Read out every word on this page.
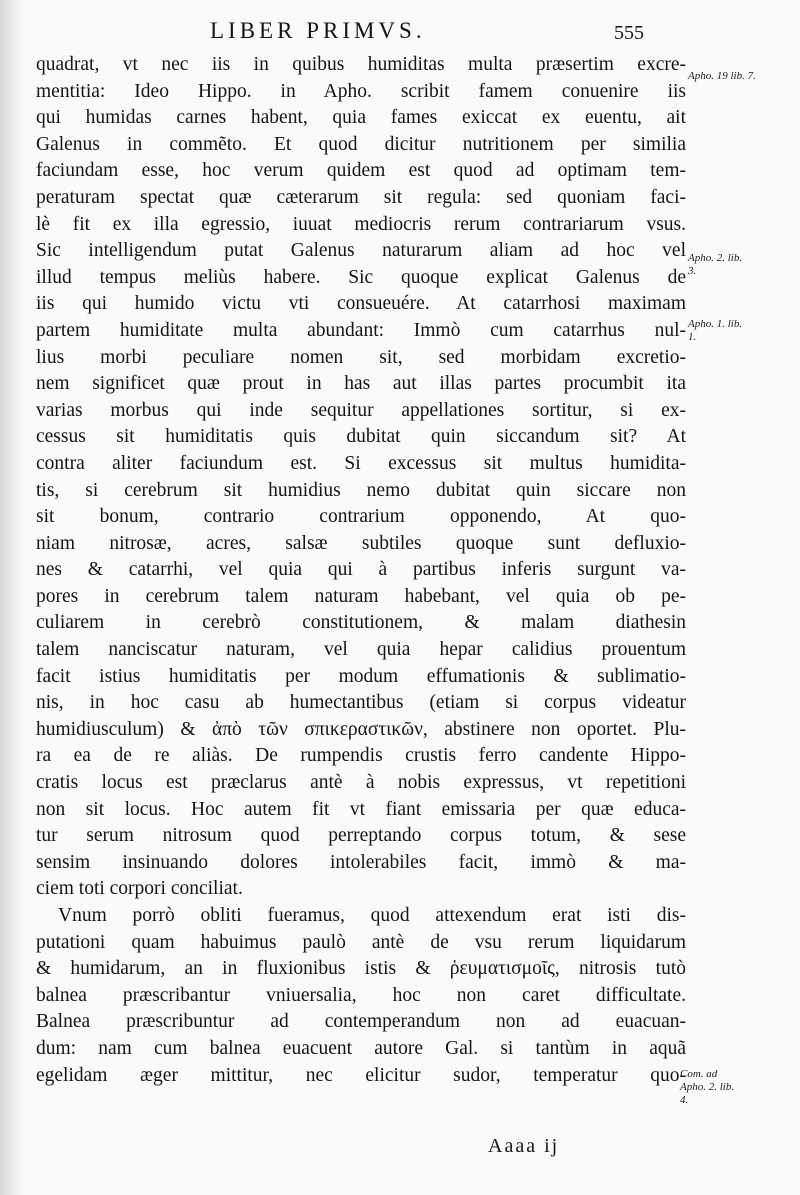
LIBER PRIMVS.	555
quadrat, vt nec iis in quibus humiditas multa præsertim excre-
mentitia: Ideo Hippo. in Apho. scribit famem conuenire iis
qui humidas carnes habent, quia fames exiccat ex euentu, ait
Galenus in commẽto. Et quod dicitur nutritionem per similia
faciundam esse, hoc verum quidem est quod ad optimam tem-
peraturam spectat quæ cæterarum sit regula: sed quoniam faci-
lè fit ex illa egressio, iuuat mediocris rerum contrariarum vsus.
Sic intelligendum putat Galenus naturarum aliam ad hoc vel
illud tempus meliùs habere. Sic quoque explicat Galenus de
iis qui humido victu vti consueuére. At catarrhosi maximam
partem humiditate multa abundant: Immò cum catarrhus nul-
lius morbi peculiare nomen sit, sed morbidam excretio-
nem significet quæ prout in has aut illas partes procumbit ita
varias morbus qui inde sequitur appellationes sortitur, si ex-
cessus sit humiditatis quis dubitat quin siccandum sit? At
contra aliter faciundum est. Si excessus sit multus humidita-
tis, si cerebrum sit humidius nemo dubitat quin siccare non
sit bonum, contrario contrarium opponendo, At quo-
niam nitrosæ, acres, salsæ subtiles quoque sunt defluxio-
nes & catarrhi, vel quia qui à partibus inferis surgunt va-
pores in cerebrum talem naturam habebant, vel quia ob pe-
culiarem in cerebrò constitutionem, & malam diathesin
talem nanciscatur naturam, vel quia hepar calidius prouentum
facit istius humiditatis per modum effumationis & sublimatio-
nis, in hoc casu ab humectantibus (etiam si corpus videatur
humidiusculum) & ἀπὸ τῶν σπικεραστικῶν, abstinere non oportet. Plu-
ra ea de re aliàs. De rumpendis crustis ferro candente Hippo-
cratis locus est præclarus antè à nobis expressus, vt repetitioni
non sit locus. Hoc autem fit vt fiant emissaria per quæ educa-
tur serum nitrosum quod perreptando corpus totum, & sese
sensim insinuando dolores intolerabiles facit, immò & ma-
ciem toti corpori conciliat.
Vnum porrò obliti fueramus, quod attexendum erat isti dis-
putationi quam habuimus paulò antè de vsu rerum liquidarum
& humidarum, an in fluxionibus istis & ῥευματισμοῖς, nitrosis tutò
balnea præscribantur vniuersalia, hoc non caret difficultate.
Balnea præscribuntur ad contemperandum non ad euacuan-
dum: nam cum balnea euacuent autore Gal. si tantùm in aquã
egelidam æger mittitur, nec elicitur sudor, temperatur quo-
Apho. 19 lib. 7.
Apho. 2. lib. 3.
Apho. 1. lib. 1.
Com. ad Apho. 2. lib. 4.
Aaaa ij
